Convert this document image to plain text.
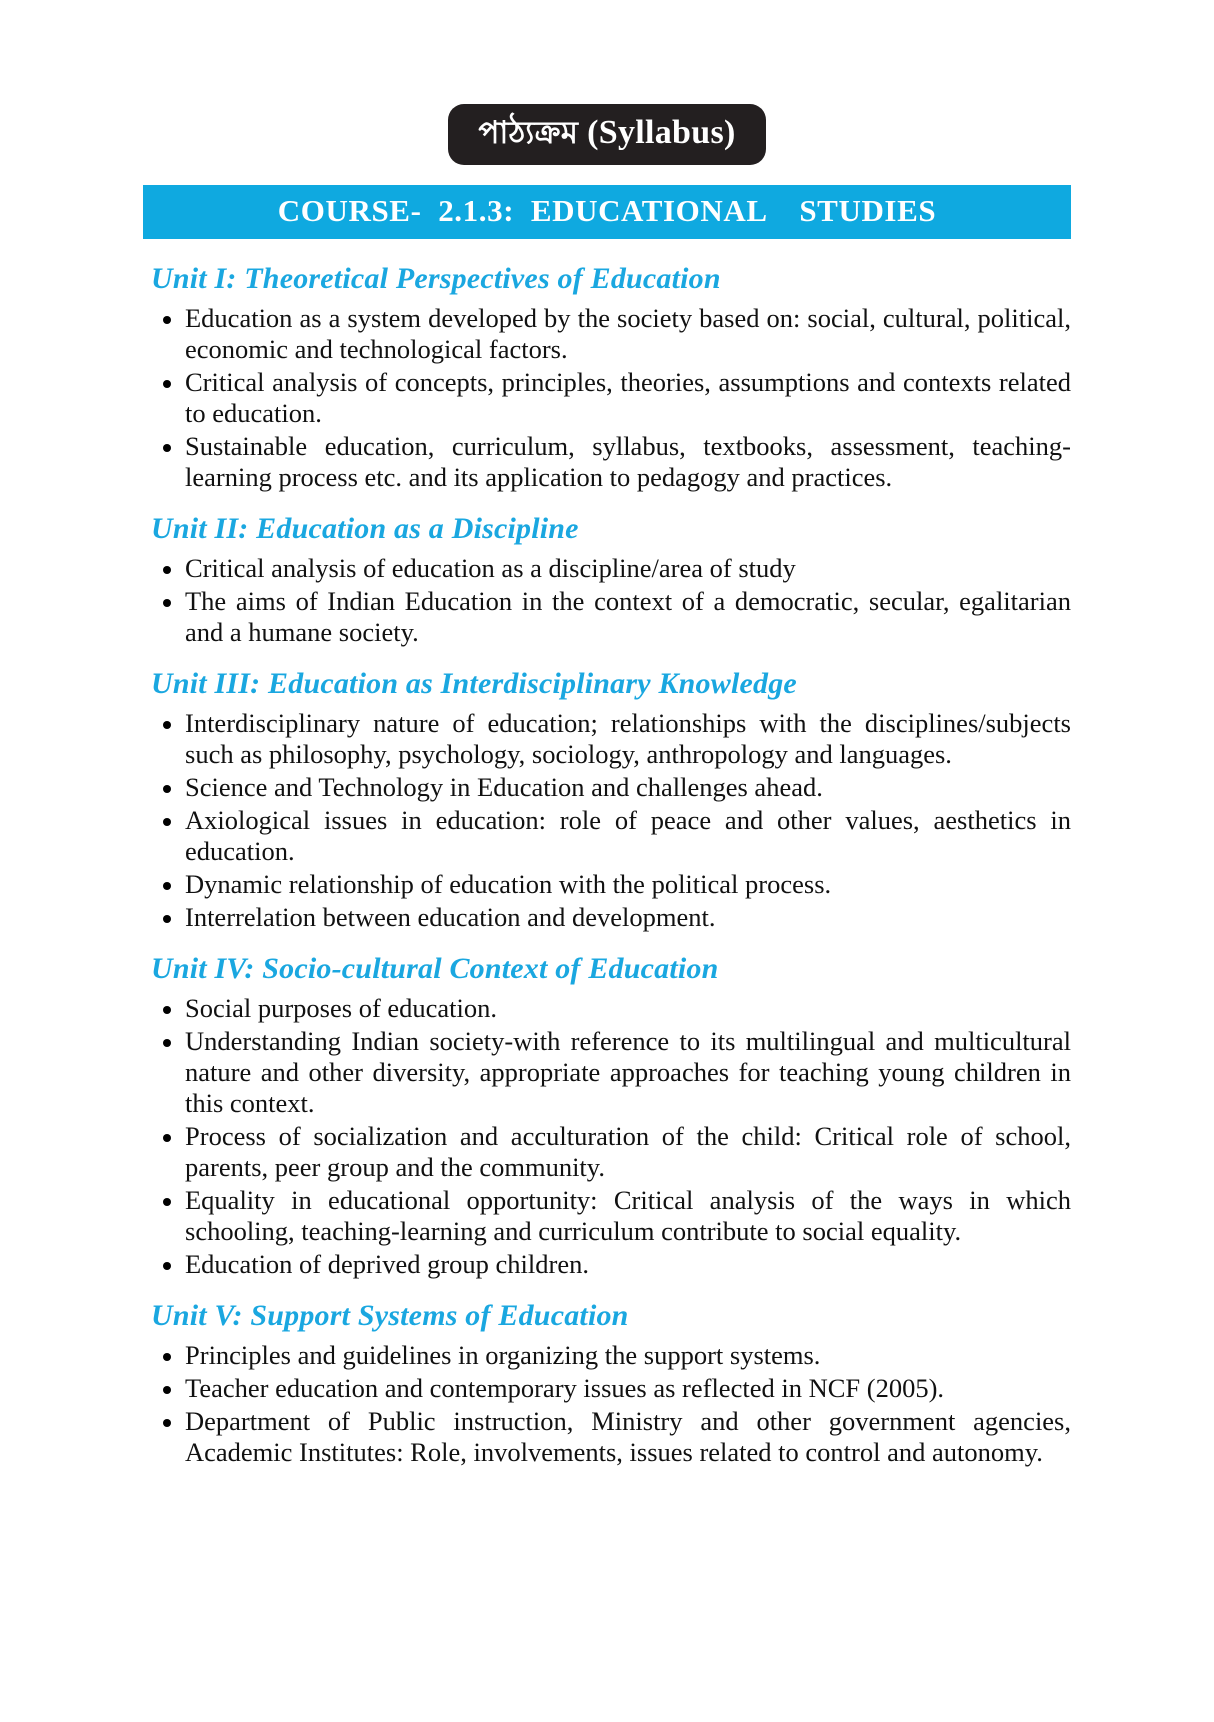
পাঠ্যক্রম (Syllabus)
COURSE-  2.1.3:  EDUCATIONAL    STUDIES
Unit I: Theoretical Perspectives of Education
Education as a system developed by the society based on: social, cultural, political, economic and technological factors.
Critical analysis of concepts, principles, theories, assumptions and contexts related to education.
Sustainable education, curriculum, syllabus, textbooks, assessment, teaching-learning process etc. and its application to pedagogy and practices.
Unit II: Education as a Discipline
Critical analysis of education as a discipline/area of study
The aims of Indian Education in the context of a democratic, secular, egalitarian and a humane society.
Unit III: Education as Interdisciplinary Knowledge
Interdisciplinary nature of education; relationships with the disciplines/subjects such as philosophy, psychology, sociology, anthropology and languages.
Science and Technology in Education and challenges ahead.
Axiological issues in education: role of peace and other values, aesthetics in education.
Dynamic relationship of education with the political process.
Interrelation between education and development.
Unit IV: Socio-cultural Context of Education
Social purposes of education.
Understanding Indian society-with reference to its multilingual and multicultural nature and other diversity, appropriate approaches for teaching young children in this context.
Process of socialization and acculturation of the child: Critical role of school, parents, peer group and the community.
Equality in educational opportunity: Critical analysis of the ways in which schooling, teaching-learning and curriculum contribute to social equality.
Education of deprived group children.
Unit V: Support Systems of Education
Principles and guidelines in organizing the support systems.
Teacher education and contemporary issues as reflected in NCF (2005).
Department of Public instruction, Ministry and other government agencies, Academic Institutes: Role, involvements, issues related to control and autonomy.
